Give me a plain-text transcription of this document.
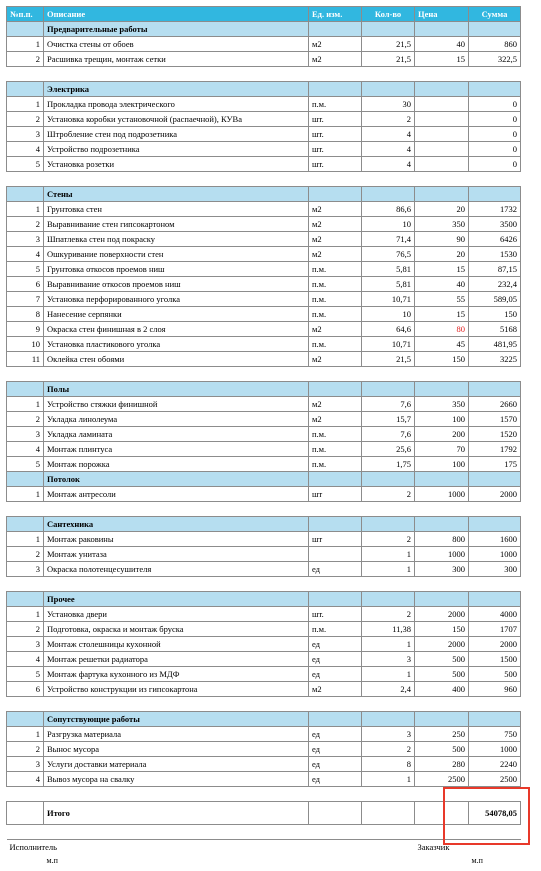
№п.п.	Описание	Ед. изм.	Кол-во	Цена	Сумма
	Предварительные работы				
1	Очистка стены от обоев	м2	21,5	40	860
2	Расшивка трещин, монтаж сетки	м2	21,5	15	322,5

	Электрика				
1	Прокладка провода электрического	п.м.	30		0
2	Установка коробки установочной (распаечной), КУВа	шт.	2		0
3	Штробление стен под подрозетника	шт.	4		0
4	Устройство подрозетника	шт.	4		0
5	Установка розетки	шт.	4		0

	Стены				
1	Грунтовка стен	м2	86,6	20	1732
2	Выравнивание стен гипсокартоном	м2	10	350	3500
3	Шпатлевка стен под покраску	м2	71,4	90	6426
4	Ошкуривание поверхности стен	м2	76,5	20	1530
5	Грунтовка откосов проемов ниш	п.м.	5,81	15	87,15
6	Выравнивание откосов проемов ниш	п.м.	5,81	40	232,4
7	Установка перфорированного уголка	п.м.	10,71	55	589,05
8	Нанесение серпянки	п.м.	10	15	150
9	Окраска стен финишная в 2 слоя	м2	64,6	80	5168
10	Установка пластикового уголка	п.м.	10,71	45	481,95
11	Оклейка стен обоями	м2	21,5	150	3225

	Полы				
1	Устройство стяжки финишной	м2	7,6	350	2660
2	Укладка линолеума	м2	15,7	100	1570
3	Укладка ламината	п.м.	7,6	200	1520
4	Монтаж плинтуса	п.м.	25,6	70	1792
5	Монтаж порожка	п.м.	1,75	100	175
	Потолок				
1	Монтаж антресоли	шт	2	1000	2000

	Сантехника				
1	Монтаж раковины	шт	2	800	1600
2	Монтаж унитаза		1	1000	1000
3	Окраска полотенцесушителя	ед	1	300	300

	Прочее				
1	Установка двери	шт.	2	2000	4000
2	Подготовка, окраска и монтаж бруска	п.м.	11,38	150	1707
3	Монтаж столешницы кухонной	ед	1	2000	2000
4	Монтаж решетки радиатора	ед	3	500	1500
5	Монтаж фартука кухонного из МДФ	ед	1	500	500
6	Устройство конструкции из гипсокартона	м2	2,4	400	960

	Сопутствующие работы				
1	Разгрузка материала	ед	3	250	750
2	Вынос мусора	ед	2	500	1000
3	Услуги доставки материала	ед	8	280	2240
4	Вывоз мусора на свалку	ед	1	2500	2500

	Итого				54078,05

Исполнитель				Заказчик	
	м.п				м.п
